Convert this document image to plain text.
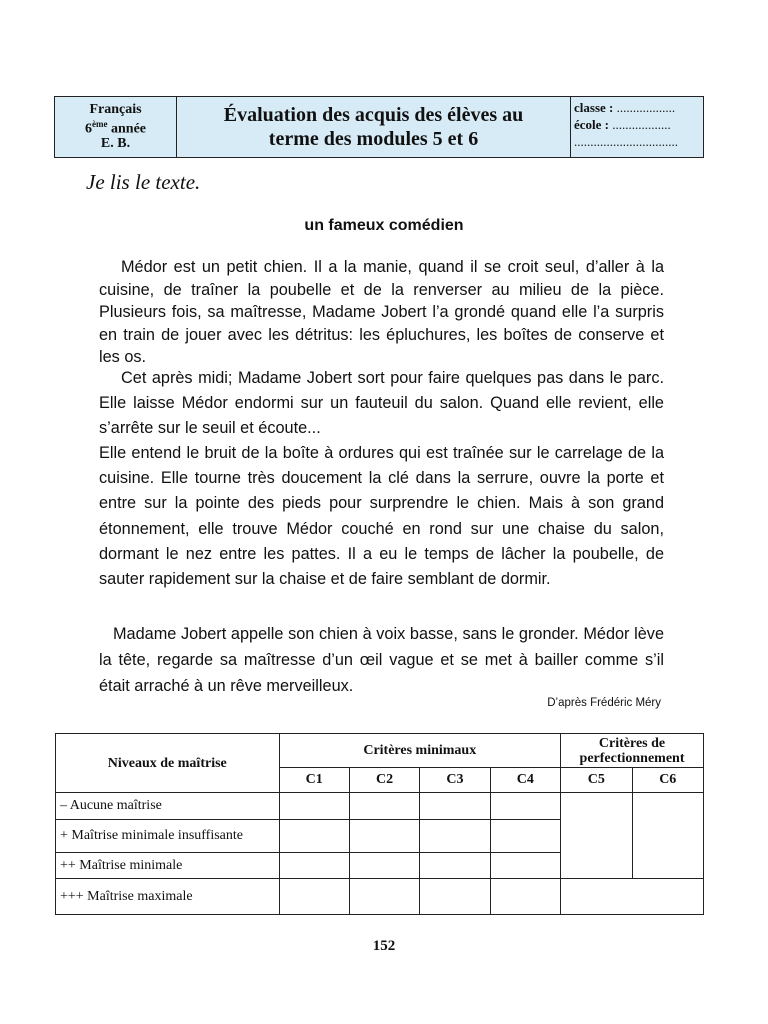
Français
6ème année
E. B.
Évaluation des acquis des élèves au
terme des modules 5 et 6
classe : ..................
école : ..................
................................
Je lis le texte.
un fameux comédien

Médor est un petit chien. Il a la manie, quand il se croit seul, d’aller à la cuisine, de traîner la poubelle et de la renverser au milieu de la pièce. Plusieurs fois, sa maîtresse, Madame Jobert l’a grondé quand elle l’a surpris en train de jouer avec les détritus: les épluchures, les boîtes de conserve et les os.

Cet après midi; Madame Jobert sort pour faire quelques pas dans le parc. Elle laisse Médor endormi sur un fauteuil du salon. Quand elle revient, elle s’arrête sur le seuil et écoute...

Elle entend le bruit de la boîte à ordures qui est traînée sur le carrelage de la cuisine. Elle tourne très doucement la clé dans la serrure, ouvre la porte et entre sur la pointe des pieds pour surprendre le chien. Mais à son grand étonnement, elle trouve Médor couché en rond sur une chaise du salon, dormant le nez entre les pattes. Il a eu le temps de lâcher la poubelle, de sauter rapidement sur la chaise et de faire semblant de dormir.

Madame Jobert appelle son chien à voix basse, sans le gronder. Médor lève la tête, regarde sa maîtresse d’un œil vague et se met à bailler comme s’il était arraché à un rêve merveilleux.

D’après Frédéric Méry
Niveaux de maîtrise	Critères minimaux				Critères de perfectionnement	
	C1	C2	C3	C4	C5	C6
– Aucune maîtrise						
+ Maîtrise minimale insuffisante						
++ Maîtrise minimale						
+++ Maîtrise maximale						
152
